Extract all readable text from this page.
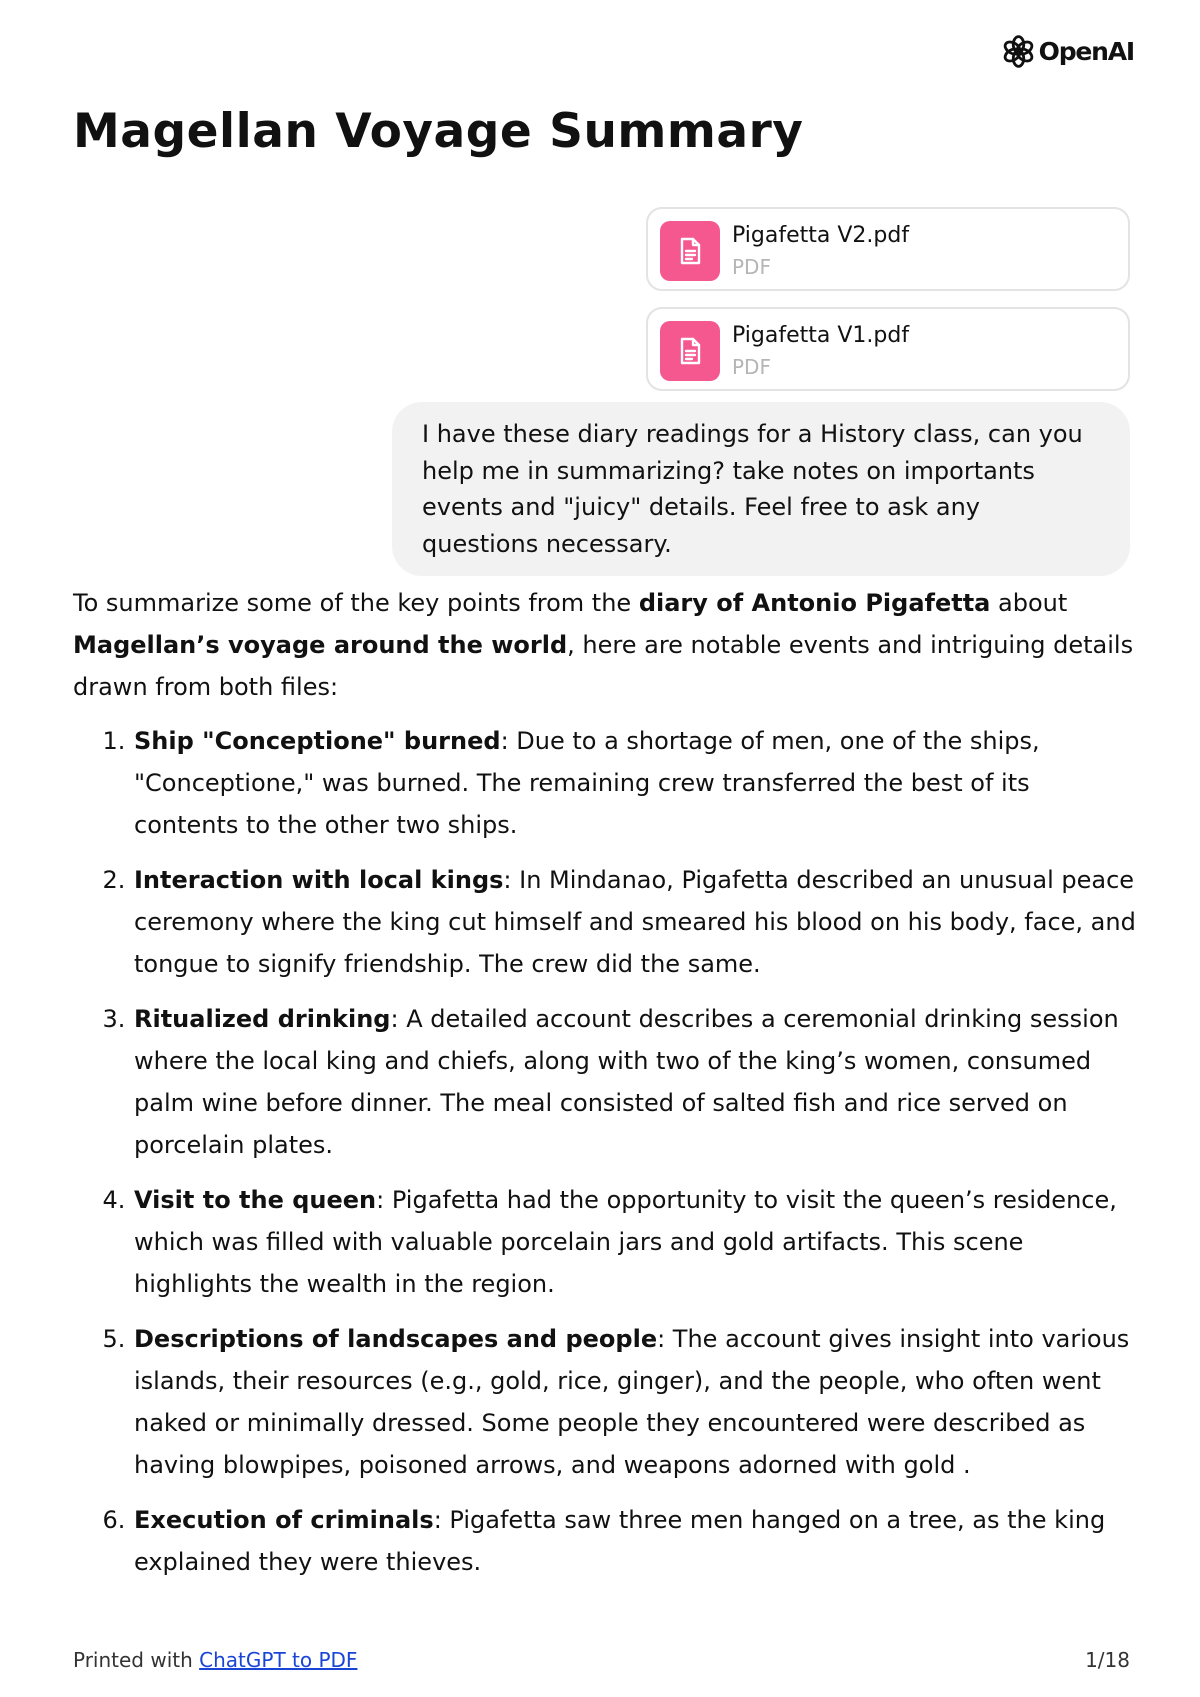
OpenAI
Magellan Voyage Summary
Pigafetta V2.pdf
PDF
Pigafetta V1.pdf
PDF

I have these diary readings for a History class, can you help me in summarizing? take notes on importants events and "juicy" details. Feel free to ask any questions necessary.

To summarize some of the key points from the diary of Antonio Pigafetta about Magellan’s voyage around the world, here are notable events and intriguing details drawn from both files:

1. Ship "Conceptione" burned: Due to a shortage of men, one of the ships, "Conceptione," was burned. The remaining crew transferred the best of its contents to the other two ships.
2. Interaction with local kings: In Mindanao, Pigafetta described an unusual peace ceremony where the king cut himself and smeared his blood on his body, face, and tongue to signify friendship. The crew did the same.
3. Ritualized drinking: A detailed account describes a ceremonial drinking session where the local king and chiefs, along with two of the king’s women, consumed palm wine before dinner. The meal consisted of salted fish and rice served on porcelain plates.
4. Visit to the queen: Pigafetta had the opportunity to visit the queen’s residence, which was filled with valuable porcelain jars and gold artifacts. This scene highlights the wealth in the region.
5. Descriptions of landscapes and people: The account gives insight into various islands, their resources (e.g., gold, rice, ginger), and the people, who often went naked or minimally dressed. Some people they encountered were described as having blowpipes, poisoned arrows, and weapons adorned with gold .
6. Execution of criminals: Pigafetta saw three men hanged on a tree, as the king explained they were thieves.
Printed with ChatGPT to PDF	1/18
